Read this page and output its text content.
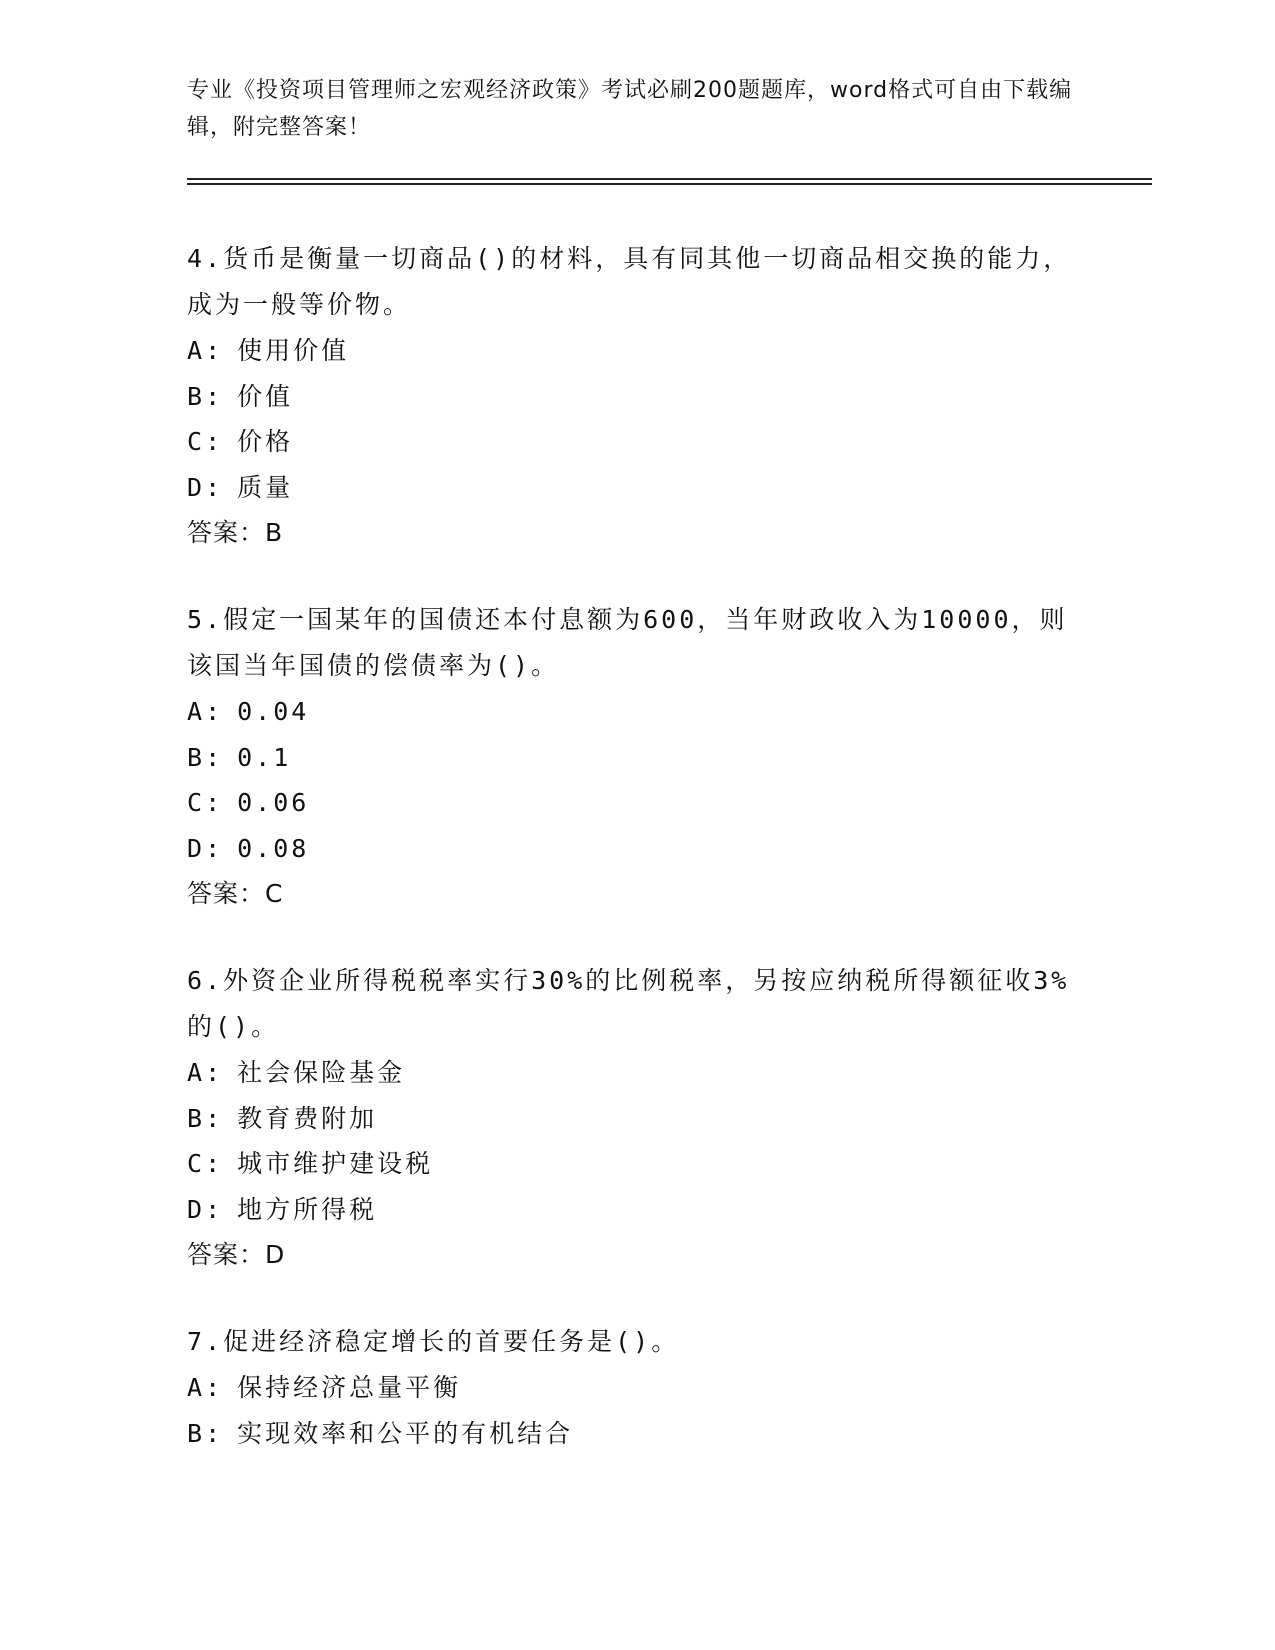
专业《投资项目管理师之宏观经济政策》考试必刷200题题库，word格式可自由下载编辑，附完整答案！
4.货币是衡量一切商品()的材料，具有同其他一切商品相交换的能力，成为一般等价物。
A: 使用价值
B: 价值
C: 价格
D: 质量
答案：B
5.假定一国某年的国债还本付息额为600，当年财政收入为10000，则该国当年国债的偿债率为()。
A: 0.04
B: 0.1
C: 0.06
D: 0.08
答案：C
6.外资企业所得税税率实行30%的比例税率，另按应纳税所得额征收3%的()。
A: 社会保险基金
B: 教育费附加
C: 城市维护建设税
D: 地方所得税
答案：D
7.促进经济稳定增长的首要任务是()。
A: 保持经济总量平衡
B: 实现效率和公平的有机结合
